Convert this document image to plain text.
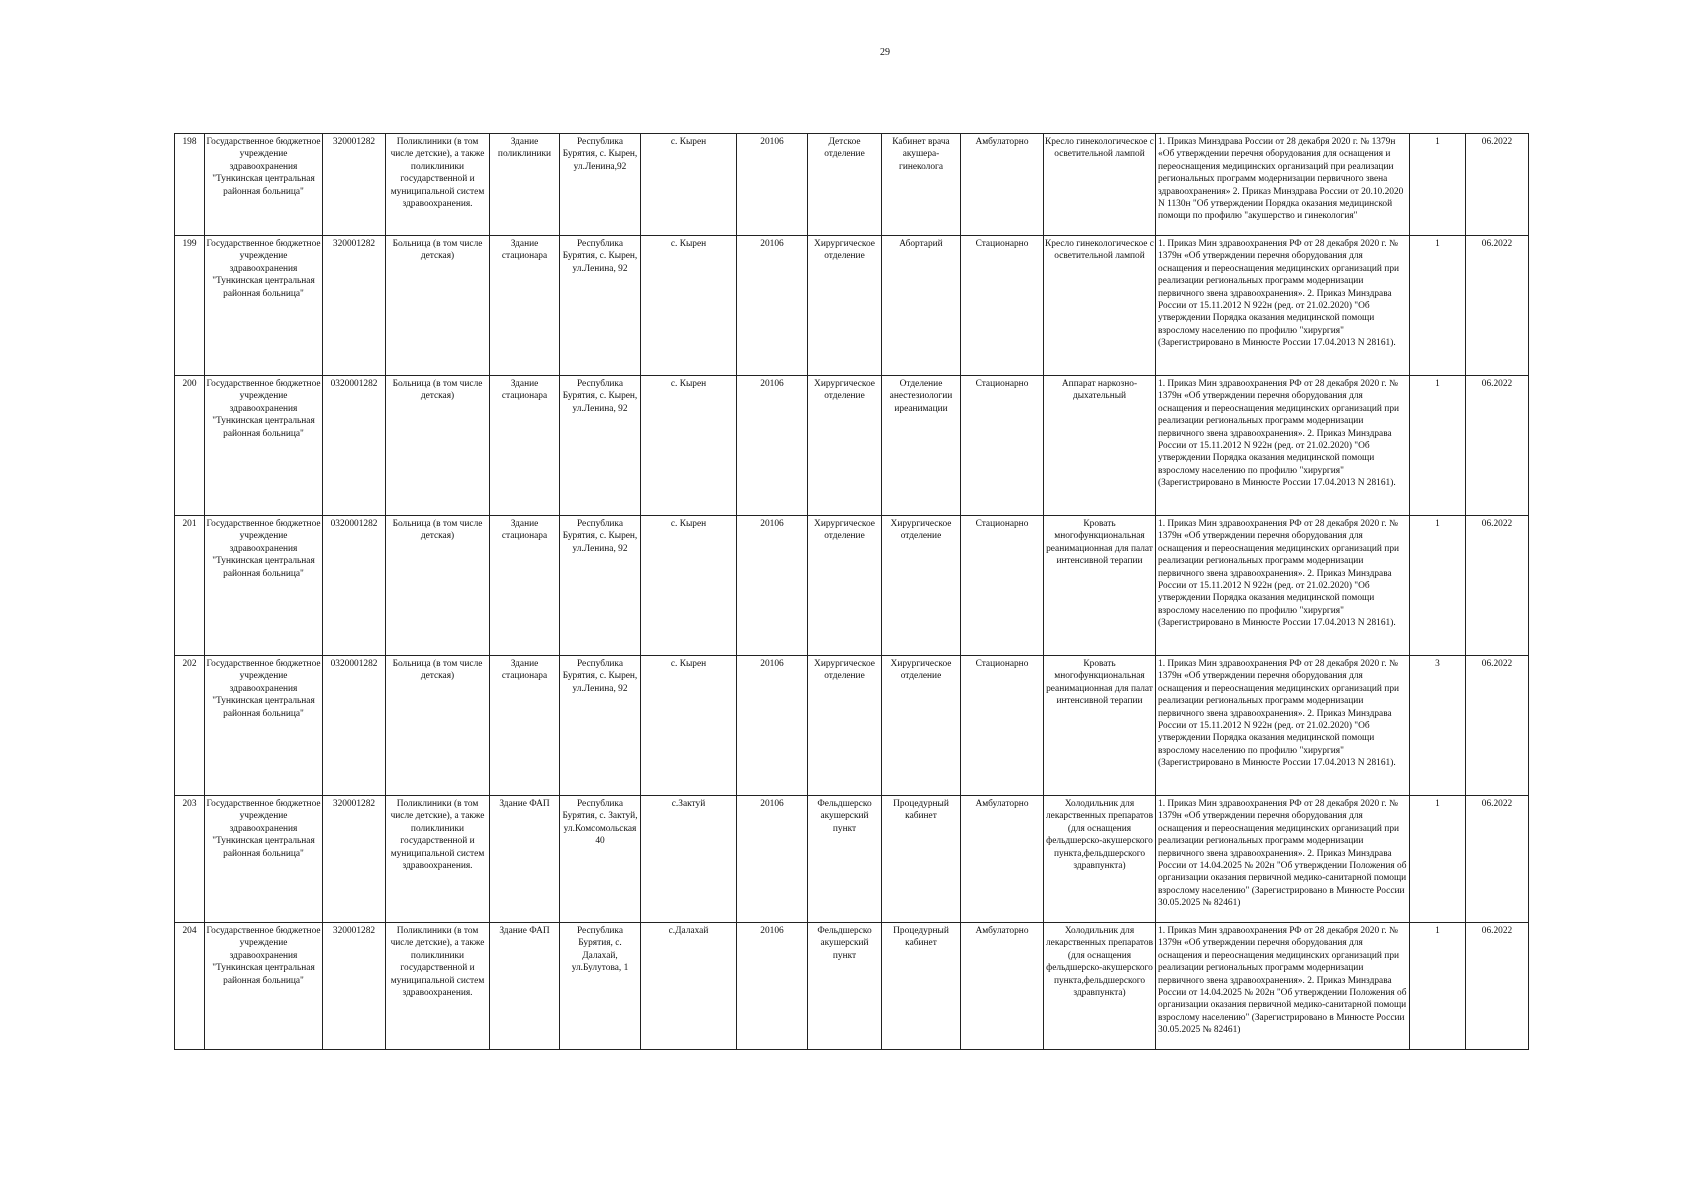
29
198	Государственное бюджетное учреждение здравоохранения "Тункинская центральная районная больница"	320001282	Поликлиники (в том числе детские), а также поликлиники государственной и муниципальной систем здравоохранения.	Здание поликлиники	Республика Бурятия, с. Кырен, ул.Ленина,92	с. Кырен	20106	Детское отделение	Кабинет врача акушера-гинеколога	Амбулаторно	Кресло гинекологическое с осветительной лампой	1. Приказ Минздрава России от 28 декабря 2020 г. № 1379н «Об утверждении перечня оборудования для оснащения и переоснащения медицинских организаций при реализации региональных программ модернизации первичного звена здравоохранения» 2. Приказ Минздрава России от 20.10.2020 N 1130н "Об утверждении Порядка оказания медицинской помощи по профилю "акушерство и гинекология"	1	06.2022
199	Государственное бюджетное учреждение здравоохранения "Тункинская центральная районная больница"	320001282	Больница (в том числе детская)	Здание стационара	Республика Бурятия, с. Кырен, ул.Ленина, 92	с. Кырен	20106	Хирургическое отделение	Абортарий	Стационарно	Кресло гинекологическое с осветительной лампой	1. Приказ Мин здравоохранения РФ от 28 декабря 2020 г. № 1379н «Об утверждении перечня оборудования для оснащения и переоснащения медицинских организаций при реализации региональных программ модернизации первичного звена здравоохранения». 2. Приказ Минздрава России от 15.11.2012 N 922н (ред. от 21.02.2020) "Об утверждении Порядка оказания медицинской помощи взрослому населению по профилю "хирургия" (Зарегистрировано в Минюсте России 17.04.2013 N 28161).	1	06.2022
200	Государственное бюджетное учреждение здравоохранения "Тункинская центральная районная больница"	0320001282	Больница (в том числе детская)	Здание стационара	Республика Бурятия, с. Кырен, ул.Ленина, 92	с. Кырен	20106	Хирургическое отделение	Отделение анестезиологии иреанимации	Стационарно	Аппарат наркозно-дыхательный	1. Приказ Мин здравоохранения РФ от 28 декабря 2020 г. № 1379н «Об утверждении перечня оборудования для оснащения и переоснащения медицинских организаций при реализации региональных программ модернизации первичного звена здравоохранения». 2. Приказ Минздрава России от 15.11.2012 N 922н (ред. от 21.02.2020) "Об утверждении Порядка оказания медицинской помощи взрослому населению по профилю "хирургия" (Зарегистрировано в Минюсте России 17.04.2013 N 28161).	1	06.2022
201	Государственное бюджетное учреждение здравоохранения "Тункинская центральная районная больница"	0320001282	Больница (в том числе детская)	Здание стационара	Республика Бурятия, с. Кырен, ул.Ленина, 92	с. Кырен	20106	Хирургическое отделение	Хирургическое отделение	Стационарно	Кровать многофункциональная реанимационная для палат интенсивной терапии	1. Приказ Мин здравоохранения РФ от 28 декабря 2020 г. № 1379н «Об утверждении перечня оборудования для оснащения и переоснащения медицинских организаций при реализации региональных программ модернизации первичного звена здравоохранения». 2. Приказ Минздрава России от 15.11.2012 N 922н (ред. от 21.02.2020) "Об утверждении Порядка оказания медицинской помощи взрослому населению по профилю "хирургия" (Зарегистрировано в Минюсте России 17.04.2013 N 28161).	1	06.2022
202	Государственное бюджетное учреждение здравоохранения "Тункинская центральная районная больница"	0320001282	Больница (в том числе детская)	Здание стационара	Республика Бурятия, с. Кырен, ул.Ленина, 92	с. Кырен	20106	Хирургическое отделение	Хирургическое отделение	Стационарно	Кровать многофункциональная реанимационная для палат интенсивной терапии	1. Приказ Мин здравоохранения РФ от 28 декабря 2020 г. № 1379н «Об утверждении перечня оборудования для оснащения и переоснащения медицинских организаций при реализации региональных программ модернизации первичного звена здравоохранения». 2. Приказ Минздрава России от 15.11.2012 N 922н (ред. от 21.02.2020) "Об утверждении Порядка оказания медицинской помощи взрослому населению по профилю "хирургия" (Зарегистрировано в Минюсте России 17.04.2013 N 28161).	3	06.2022
203	Государственное бюджетное учреждение здравоохранения "Тункинская центральная районная больница"	320001282	Поликлиники (в том числе детские), а также поликлиники государственной и муниципальной систем здравоохранения.	Здание ФАП	Республика Бурятия, с. Зактуй, ул.Комсомольская 40	с.Зактуй	20106	Фельдшерско акушерский пункт	Процедурный кабинет	Амбулаторно	Холодильник для лекарственных препаратов (для оснащения фельдшерско-акушерского пункта,фельдшерского здравпункта)	1. Приказ Мин здравоохранения РФ от 28 декабря 2020 г. № 1379н «Об утверждении перечня оборудования для оснащения и переоснащения медицинских организаций при реализации региональных программ модернизации первичного звена здравоохранения». 2. Приказ Минздрава России от 14.04.2025 № 202н "Об утверждении Положения об организации оказания первичной медико-санитарной помощи взрослому населению" (Зарегистрировано в Минюсте России 30.05.2025 № 82461)	1	06.2022
204	Государственное бюджетное учреждение здравоохранения "Тункинская центральная районная больница"	320001282	Поликлиники (в том числе детские), а также поликлиники государственной и муниципальной систем здравоохранения.	Здание ФАП	Республика Бурятия, с. Далахай, ул.Булутова, 1	с.Далахай	20106	Фельдшерско акушерский пункт	Процедурный кабинет	Амбулаторно	Холодильник для лекарственных препаратов (для оснащения фельдшерско-акушерского пункта,фельдшерского здравпункта)	1. Приказ Мин здравоохранения РФ от 28 декабря 2020 г. № 1379н «Об утверждении перечня оборудования для оснащения и переоснащения медицинских организаций при реализации региональных программ модернизации первичного звена здравоохранения». 2. Приказ Минздрава России от 14.04.2025 № 202н "Об утверждении Положения об организации оказания первичной медико-санитарной помощи взрослому населению" (Зарегистрировано в Минюсте России 30.05.2025 № 82461)	1	06.2022
